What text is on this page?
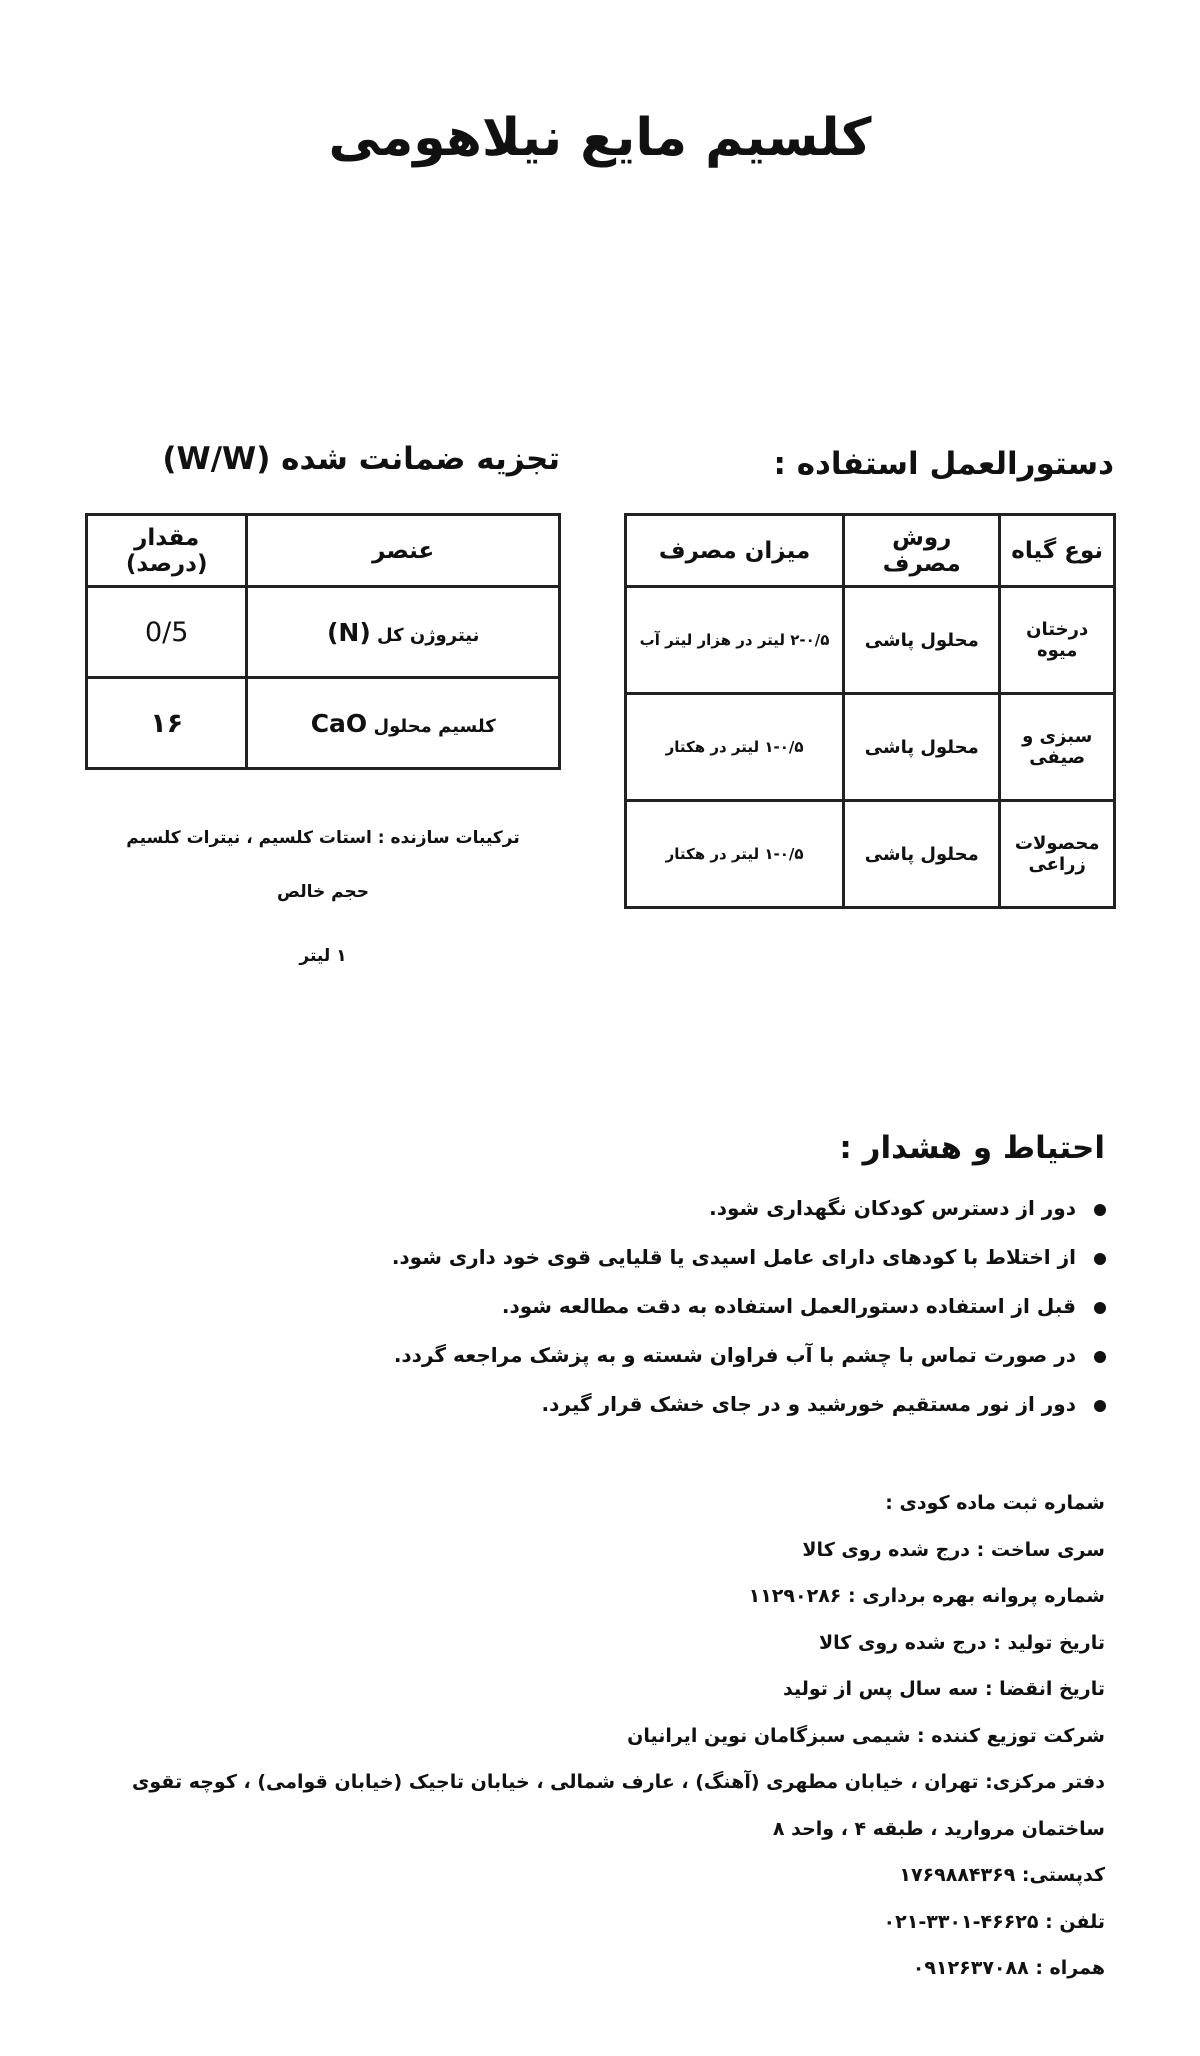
کلسیم مایع نیلاهومی
دستورالعمل استفاده :
نوع گیاه	روش مصرف	میزان مصرف
درختان میوه	محلول پاشی	۲-۰/۵ لیتر در هزار لیتر آب
سبزی و صیفی	محلول پاشی	۱-۰/۵ لیتر در هکتار
محصولات زراعی	محلول پاشی	۱-۰/۵ لیتر در هکتار
تجزیه ضمانت شده (W/W)
عنصر	مقدار (درصد)
نیتروژن کل (N)	0/5
کلسیم محلول CaO	۱۶
ترکیبات سازنده : استات کلسیم ، نیترات کلسیم
حجم خالص
۱ لیتر
احتیاط و هشدار :
دور از دسترس کودکان نگهداری شود.
از اختلاط با کودهای دارای عامل اسیدی یا قلیایی قوی خود داری شود.
قبل از استفاده دستورالعمل استفاده به دقت مطالعه شود.
در صورت تماس با چشم با آب فراوان شسته و به پزشک مراجعه گردد.
دور از نور مستقیم خورشید و در جای خشک قرار گیرد.
شماره ثبت ماده کودی :
سری ساخت : درج شده روی کالا
شماره پروانه بهره برداری : ۱۱۲۹۰۲۸۶
تاریخ تولید : درج شده روی کالا
تاریخ انقضا : سه سال پس از تولید
شرکت توزیع کننده : شیمی سبزگامان نوین ایرانیان
دفتر مرکزی: تهران ، خیابان مطهری (آهنگ) ، عارف شمالی ، خیابان تاجیک (خیابان قوامی) ، کوچه تقوی
ساختمان مروارید ، طبقه ۴ ، واحد ۸
کدپستی: ۱۷۶۹۸۸۴۳۶۹
تلفن : ۴۶۶۲۵-۳۳۰۱-۰۲۱
همراه : ۰۹۱۲۶۳۷۰۸۸
